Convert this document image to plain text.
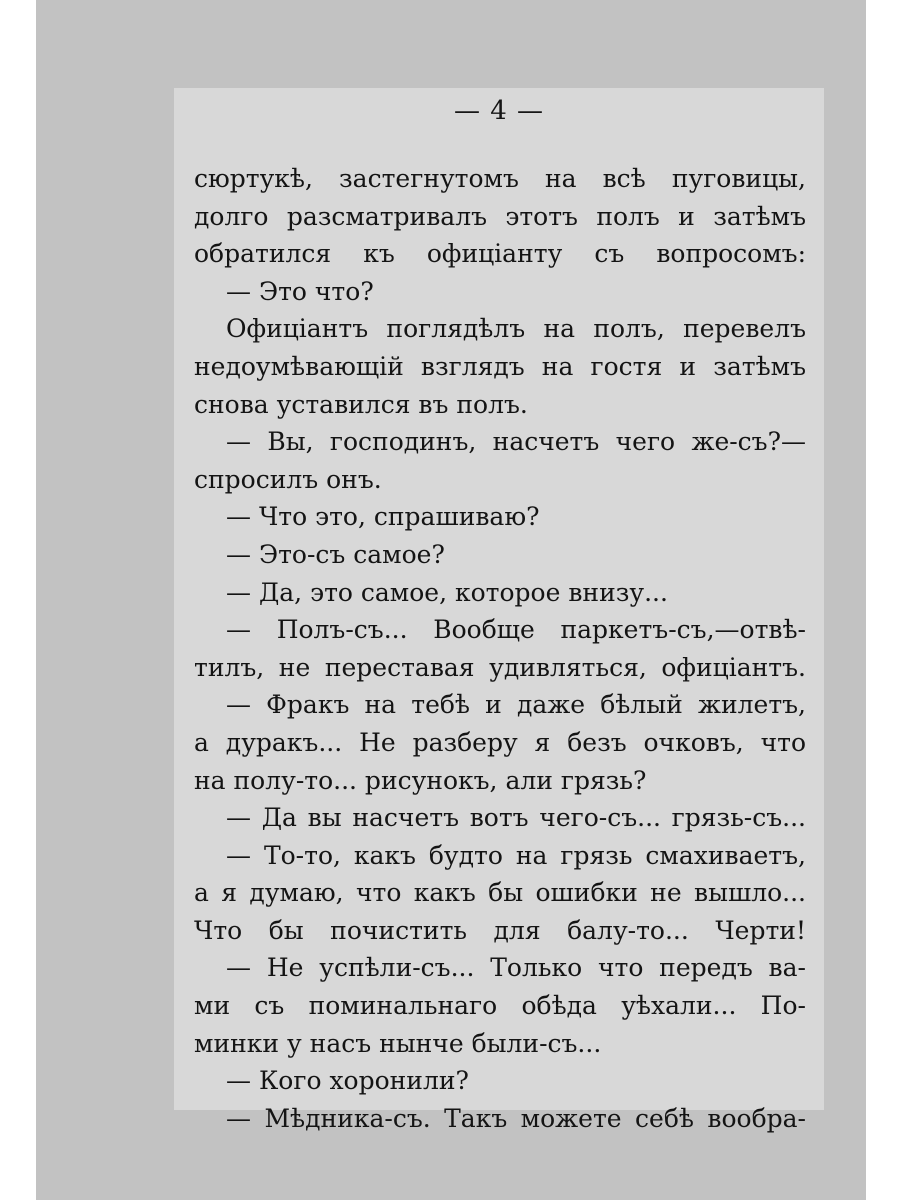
— 4 —
сюртукѣ, застегнутомъ на всѣ пуговицы,
долго разсматривалъ этотъ полъ и затѣмъ
обратился къ офиціанту съ вопросомъ:
— Это что?
Офиціантъ поглядѣлъ на полъ, перевелъ
недоумѣвающій взглядъ на гостя и затѣмъ
снова уставился въ полъ.
— Вы, господинъ, насчетъ чего же-съ?—
спросилъ онъ.
— Что это, спрашиваю?
— Это-съ самое?
— Да, это самое, которое внизу...
— Полъ-съ... Вообще паркетъ-съ,—отвѣ-
тилъ, не переставая удивляться, офиціантъ.
— Фракъ на тебѣ и даже бѣлый жилетъ,
а дуракъ... Не разберу я безъ очковъ, что
на полу-то... рисунокъ, али грязь?
— Да вы насчетъ вотъ чего-съ... грязь-съ...
— То-то, какъ будто на грязь смахиваетъ,
а я думаю, что какъ бы ошибки не вышло...
Что бы почистить для балу-то... Черти!
— Не успѣли-съ... Только что передъ ва-
ми съ поминальнаго обѣда уѣхали... По-
минки у насъ нынче были-съ...
— Кого хоронили?
— Мѣдника-съ. Такъ можете себѣ вообра-
